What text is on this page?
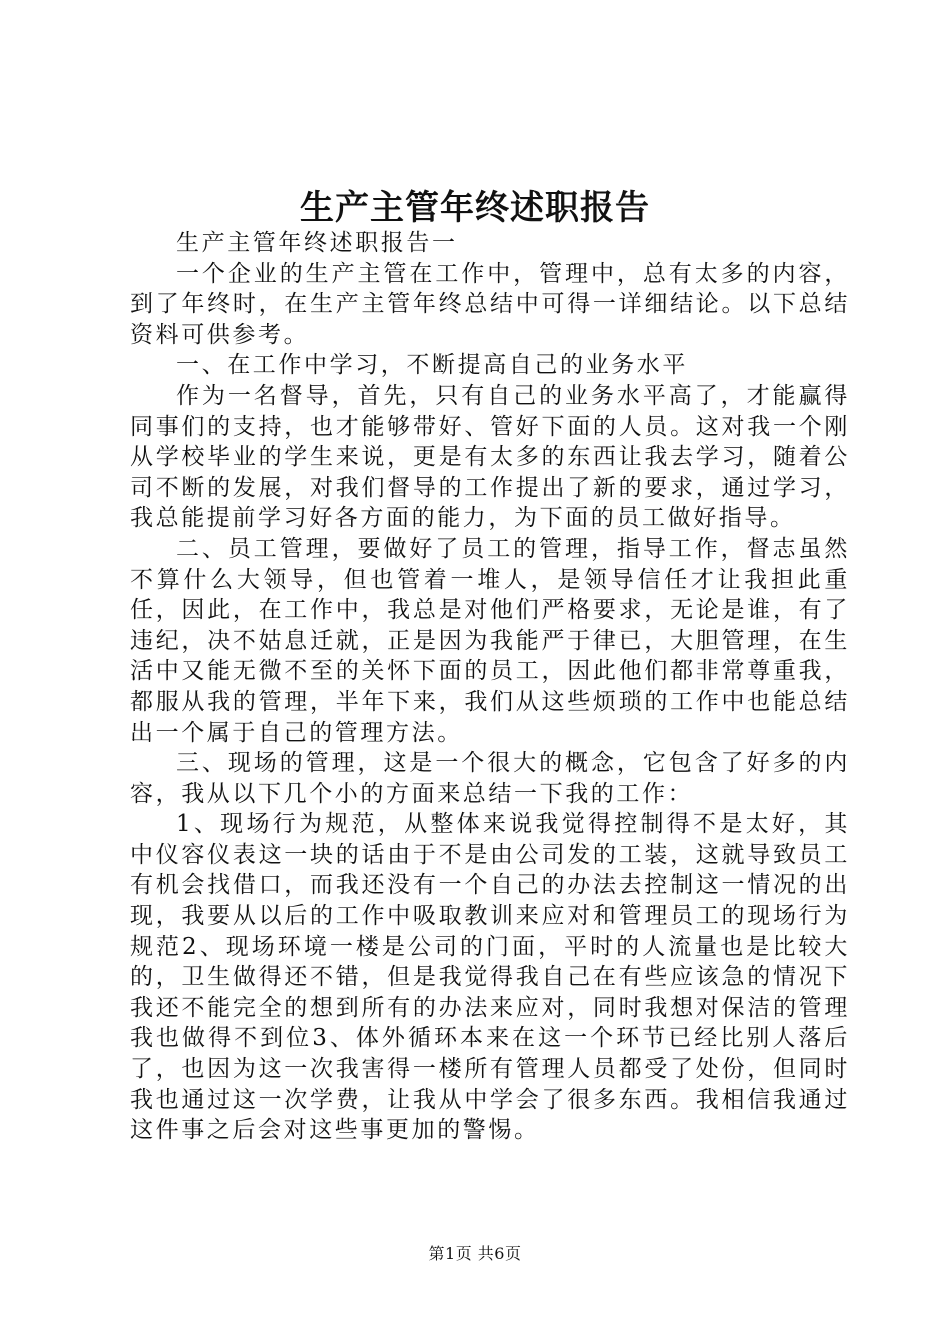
生产主管年终述职报告

生产主管年终述职报告一

一个企业的生产主管在工作中，管理中，总有太多的内容，到了年终时，在生产主管年终总结中可得一详细结论。以下总结资料可供参考。

一、在工作中学习，不断提高自己的业务水平

作为一名督导，首先，只有自己的业务水平高了，才能赢得同事们的支持，也才能够带好、管好下面的人员。这对我一个刚从学校毕业的学生来说，更是有太多的东西让我去学习，随着公司不断的发展，对我们督导的工作提出了新的要求，通过学习，我总能提前学习好各方面的能力，为下面的员工做好指导。

二、员工管理，要做好了员工的管理，指导工作，督志虽然不算什么大领导，但也管着一堆人，是领导信任才让我担此重任，因此，在工作中，我总是对他们严格要求，无论是谁，有了违纪，决不姑息迁就，正是因为我能严于律已，大胆管理，在生活中又能无微不至的关怀下面的员工，因此他们都非常尊重我，都服从我的管理，半年下来，我们从这些烦琐的工作中也能总结出一个属于自己的管理方法。

三、现场的管理，这是一个很大的概念，它包含了好多的内容，我从以下几个小的方面来总结一下我的工作：

1、现场行为规范，从整体来说我觉得控制得不是太好，其中仪容仪表这一块的话由于不是由公司发的工装，这就导致员工有机会找借口，而我还没有一个自己的办法去控制这一情况的出现，我要从以后的工作中吸取教训来应对和管理员工的现场行为规范2、现场环境一楼是公司的门面，平时的人流量也是比较大的，卫生做得还不错，但是我觉得我自己在有些应该急的情况下我还不能完全的想到所有的办法来应对，同时我想对保洁的管理我也做得不到位3、体外循环本来在这一个环节已经比别人落后了，也因为这一次我害得一楼所有管理人员都受了处份，但同时我也通过这一次学费，让我从中学会了很多东西。我相信我通过这件事之后会对这些事更加的警惕。

第1页 共6页
